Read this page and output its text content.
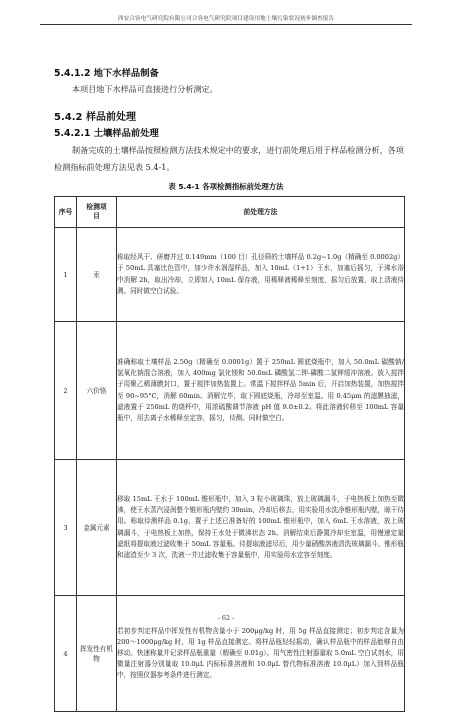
西安合容电气研究院有限公司合容电气研究院项目建设用地土壤污染状况初步调查报告
5.4.1.2 地下水样品制备
本项目地下水样品可直接进行分析测定。
5.4.2 样品前处理
5.4.2.1 土壤样品前处理
制备完成的土壤样品按照检测方法技术规定中的要求，进行前处理后用于样品检测分析，各项检测指标前处理方法见表 5.4-1。
表 5.4-1 各项检测指标前处理方法
序号	检测项目	前处理方法
1	汞	称取经风干、研磨并过 0.149mm（100 目）孔径筛的土壤样品 0.2g~1.0g（精确至 0.0002g）于 50mL 具塞比色管中，加少许水润湿样品，加入 10mL（1+1）王水，加塞后摇匀，于沸水浴中消解 2h，取出冷却，立即加入 10mL 保存液，用稀释液稀释至刻度，摇匀后放置，取上清液待测。同时做空白试验。
2	六价铬	准确称取土壤样品 2.50g（精确至 0.0001g）置于 250mL 圆底烧瓶中，加入 50.0mL 碳酸钠/氢氧化钠混合溶液，加入 400mg 氯化镁和 50.0mL 磷酸氢二钾-磷酸二氢钾缓冲溶液。放入搅拌子用聚乙稀薄膜封口，置于搅拌加热装置上。常温下搅拌样品 5min 后，开启加热装置，加热搅拌至 90~95°C，消解 60min。消解完毕，取下圆底烧瓶，冷却至室温。用 0.45μm 的滤膜抽滤，滤液置于 250mL 的烧杯中，用浓硫酸调节溶液 pH 值 9.0±0.2。将此溶液转移至 100mL 容量瓶中，用去离子水稀释至定容，摇匀，待测。同时做空白。
3	金属元素	移取 15mL 王水于 100mL 锥形瓶中，加入 3 粒小玻璃珠，放上玻璃漏斗，于电热板上加热至微沸，使王水蒸汽浸润整个锥形瓶内壁约 30min，冷却后移去，用实验用水洗净锥形瓶内壁，晾干待用。称取待测样品 0.1g，置于上述已准备好的 100mL 锥形瓶中，加入 6mL 王水溶液，放上玻璃漏斗，于电热板上加热，保持王水处于微沸状态 2h。消解结束后静置冷却至室温，用慢速定量滤纸将提取液过滤收集于 50mL 容量瓶。待提取液滤尽后，用少量硝酸溶液清洗玻璃漏斗、锥形瓶和滤渣至少 3 次，洗液一并过滤收集于容量瓶中，用实验用水定容至刻度。
4	挥发性有机物	若初步判定样品中挥发性有机物含量小于 200μg/kg 时，用 5g 样品直接测定；初步判定含量为 200～1000μg/kg 时，用 1g 样品直接测定。将样品瓶轻轻摇动，确认样品瓶中的样品能够自由移动。快速称量并记录样品瓶重量（精确至 0.01g）。用气密性注射器量取 5.0mL 空白试剂水，用微量注射器分别量取 10.0μL 内标标准溶液和 10.0μL 替代物标准溶液 10.0μL）加入到样品瓶中，按照仪器参考条件进行测定。
- 62 -
